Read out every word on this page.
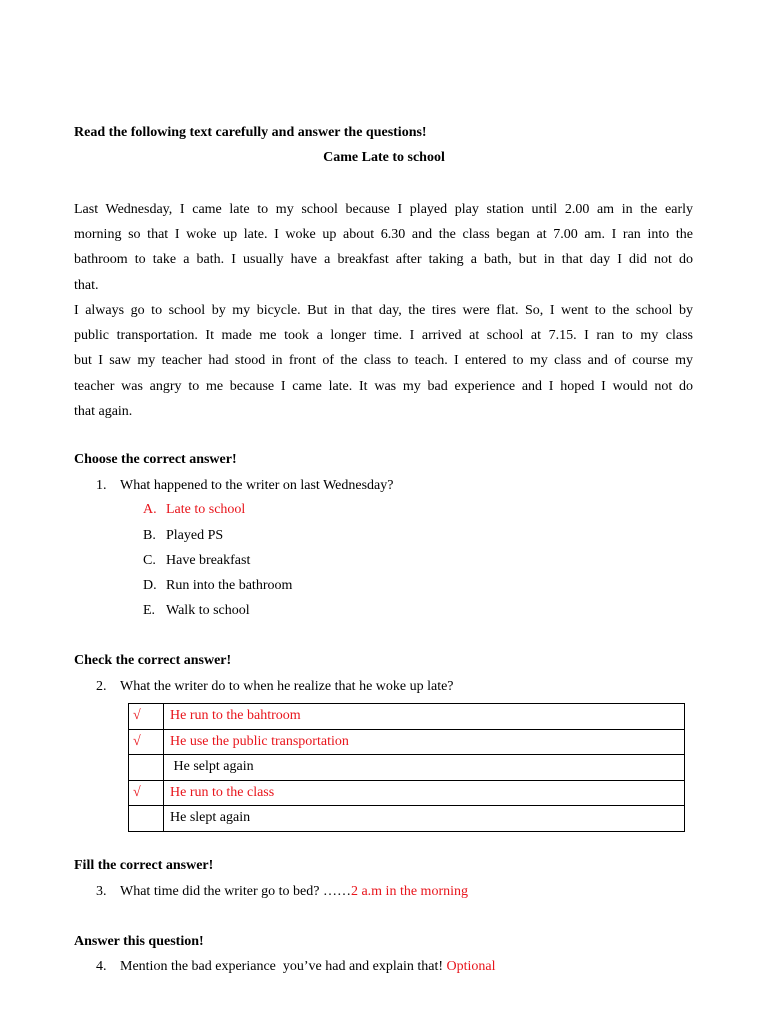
Read the following text carefully and answer the questions!
Came Late to school
Last Wednesday, I came late to my school because I played play station until 2.00 am in the early
morning so that I woke up late. I woke up about 6.30 and the class began at 7.00 am. I ran into the
bathroom to take a bath. I usually have a breakfast after taking a bath, but in that day I did not do
that.
I always go to school by my bicycle. But in that day, the tires were flat. So, I went to the school by
public transportation. It made me took a longer time. I arrived at school at 7.15. I ran to my class
but I saw my teacher had stood in front of the class to teach. I entered to my class and of course my
teacher was angry to me because I came late. It was my bad experience and I hoped I would not do
that again.
Choose the correct answer!
1. What happened to the writer on last Wednesday?
A. Late to school
B. Played PS
C. Have breakfast
D. Run into the bathroom
E. Walk to school
Check the correct answer!
2. What the writer do to when he realize that he woke up late?
√	He run to the bahtroom
√	He use the public transportation
	He selpt again
√	He run to the class
	He slept again
Fill the correct answer!
3. What time did the writer go to bed? ……2 a.m in the morning
Answer this question!
4. Mention the bad experiance  you’ve had and explain that! Optional
